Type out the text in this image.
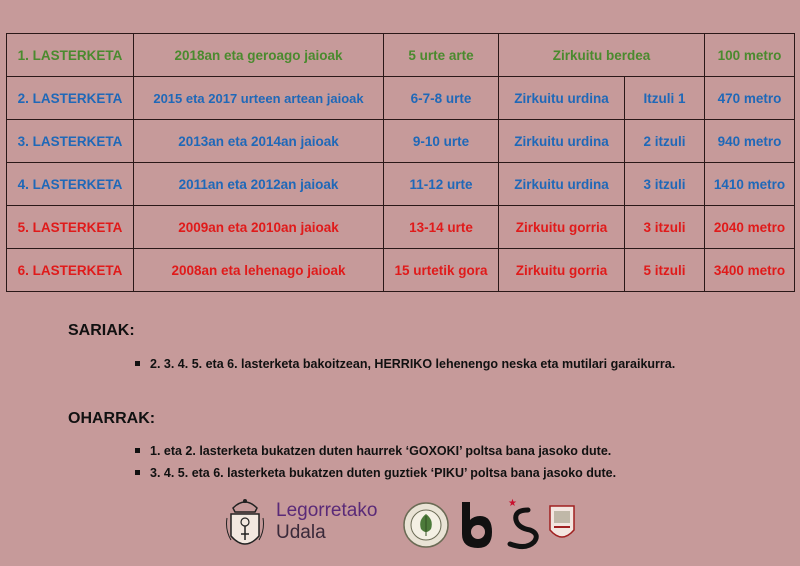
1. LASTERKETA	2018an eta geroago jaioak	5 urte arte	Zirkuitu berdea		100 metro
2. LASTERKETA	2015 eta 2017 urteen artean jaioak	6-7-8 urte	Zirkuitu urdina	Itzuli 1	470 metro
3. LASTERKETA	2013an eta 2014an jaioak	9-10 urte	Zirkuitu urdina	2 itzuli	940 metro
4. LASTERKETA	2011an eta 2012an jaioak	11-12 urte	Zirkuitu urdina	3 itzuli	1410 metro
5. LASTERKETA	2009an eta 2010an jaioak	13-14 urte	Zirkuitu gorria	3 itzuli	2040 metro
6. LASTERKETA	2008an eta lehenago jaioak	15 urtetik gora	Zirkuitu gorria	5 itzuli	3400 metro
SARIAK:
2. 3. 4. 5. eta 6. lasterketa bakoitzean, HERRIKO lehenengo neska eta mutilari garaikurra.
OHARRAK:
1. eta 2. lasterketa bukatzen duten haurrek ‘GOXOKI’ poltsa bana jasoko dute.
3. 4. 5. eta 6. lasterketa bukatzen duten guztiek ‘PIKU’ poltsa bana jasoko dute.
Legorretako
Udala
★
